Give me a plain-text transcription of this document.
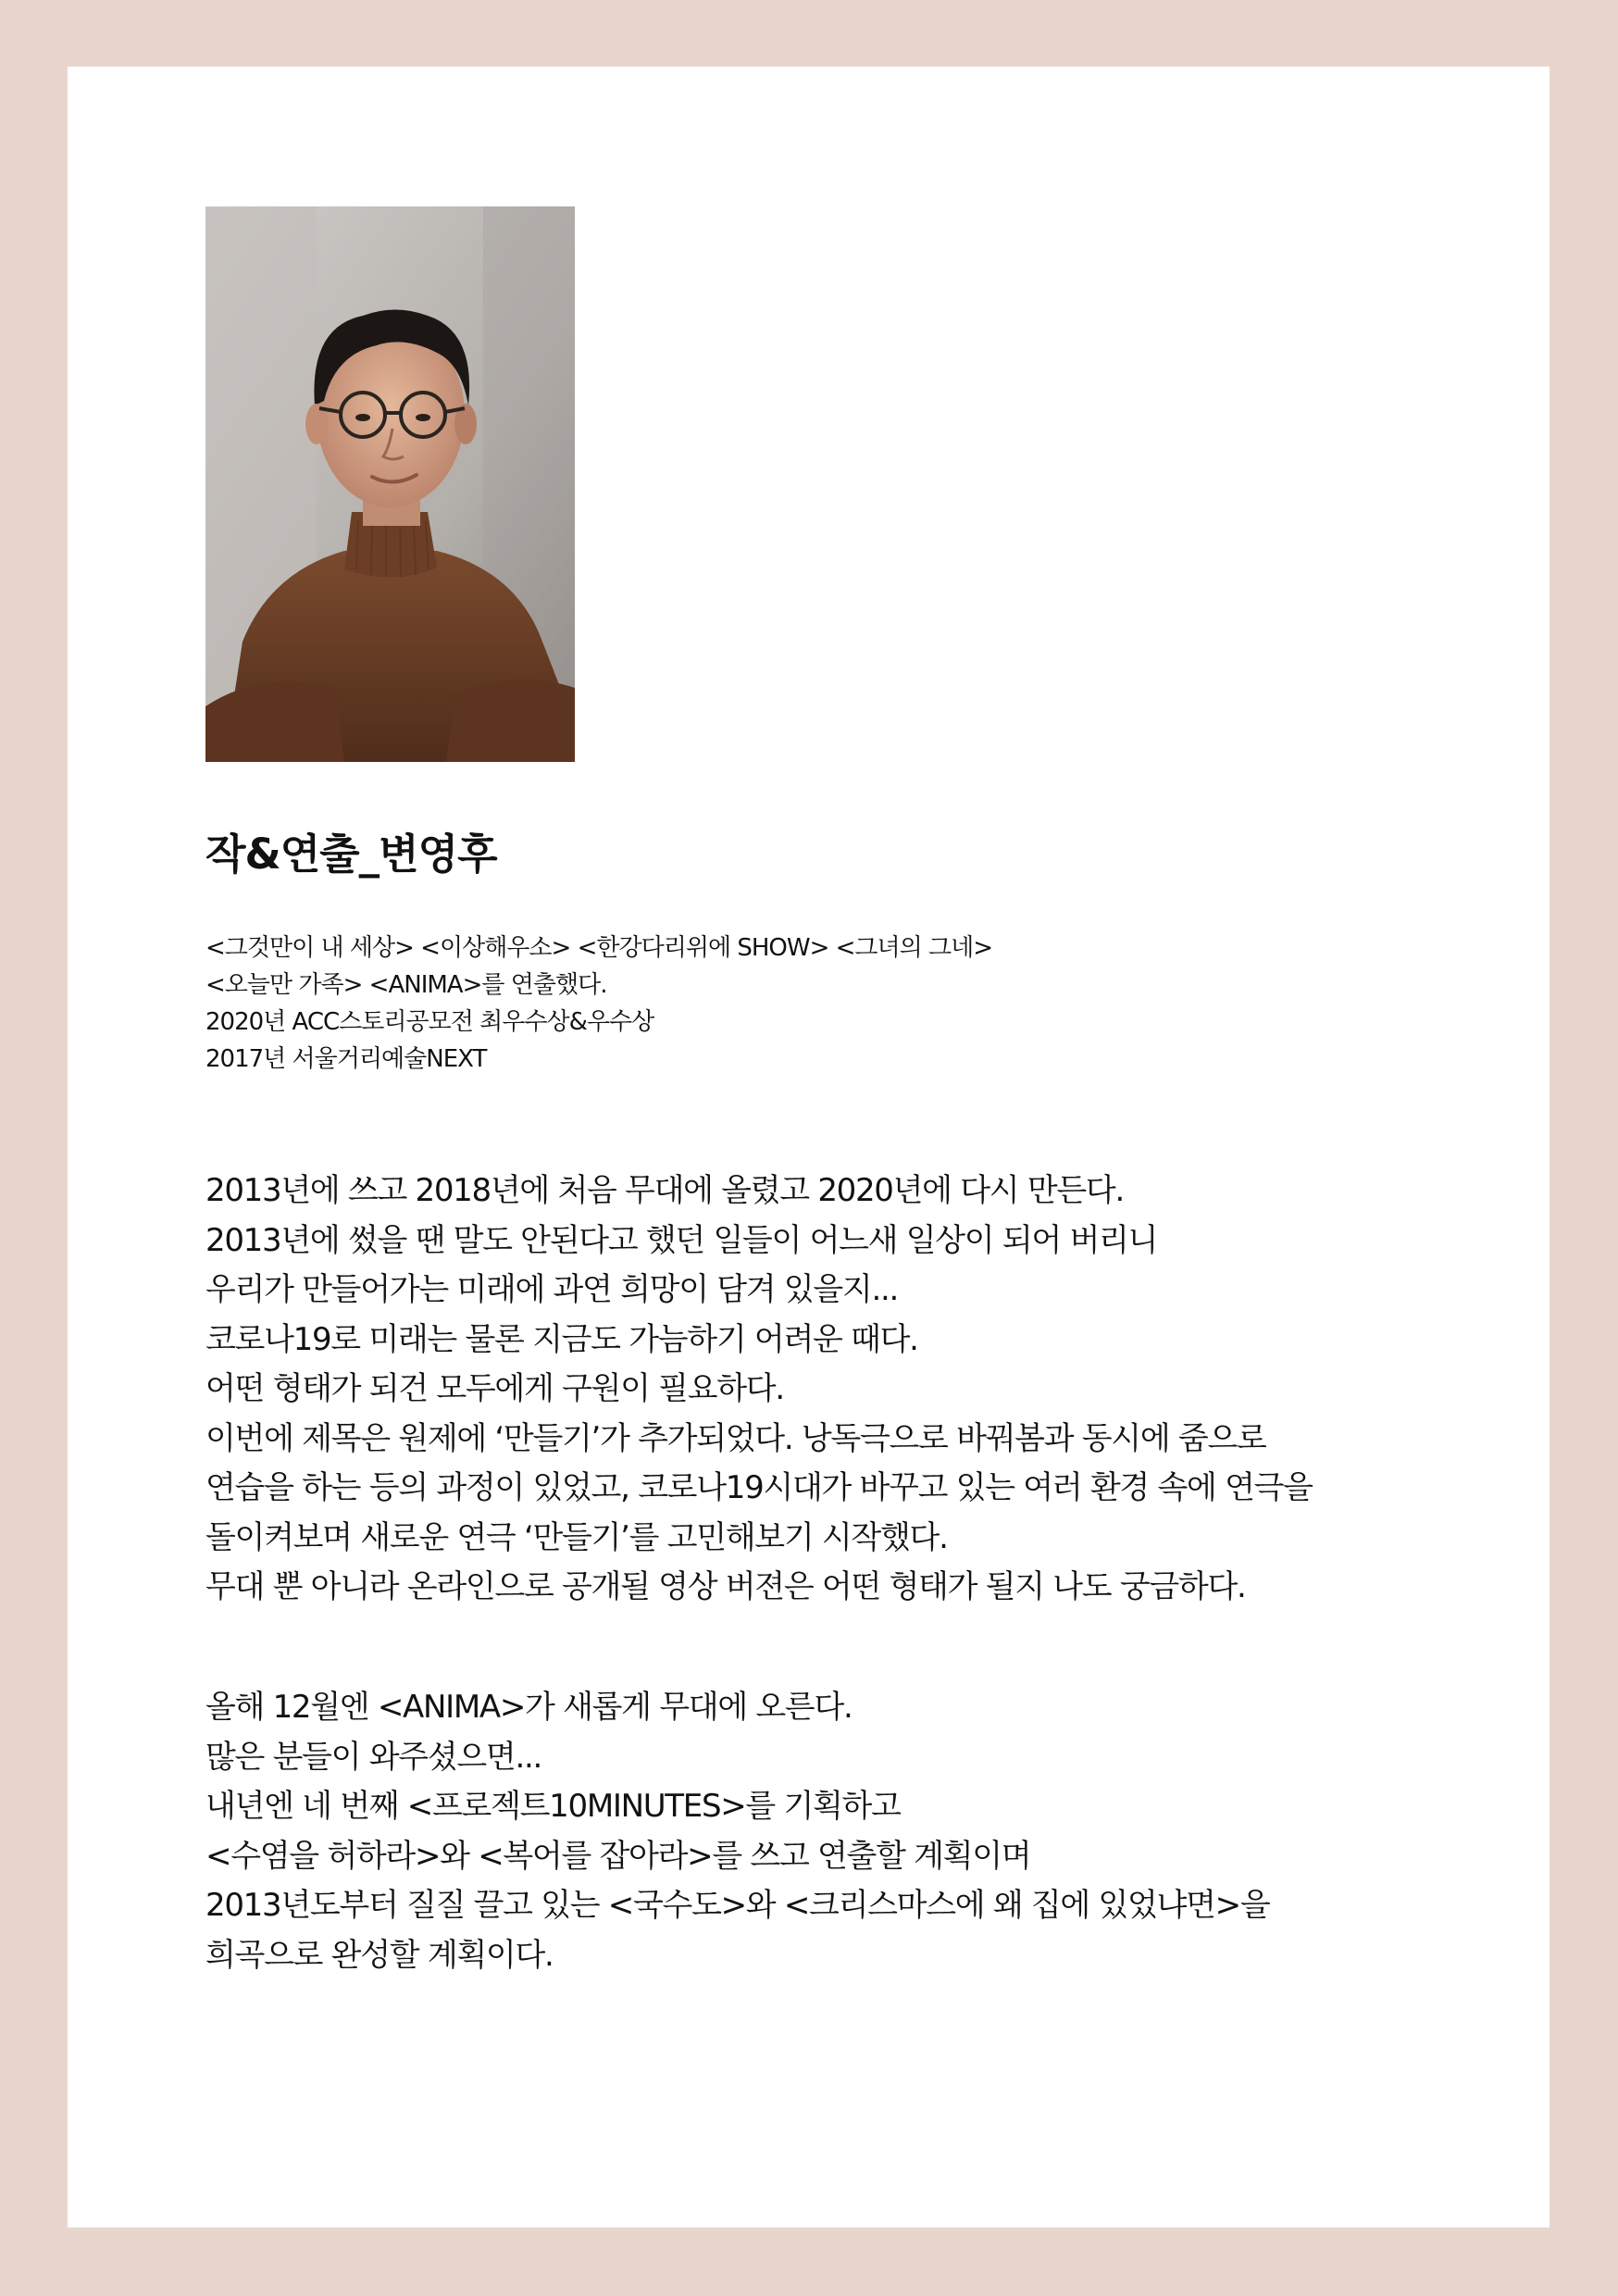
작&연출_변영후
<그것만이 내 세상> <이상해우소> <한강다리위에 SHOW> <그녀의 그네>
<오늘만 가족> <ANIMA>를 연출했다.
2020년 ACC스토리공모전 최우수상&우수상
2017년 서울거리예술NEXT
2013년에 쓰고 2018년에 처음 무대에 올렸고 2020년에 다시 만든다.
2013년에 썼을 땐 말도 안된다고 했던 일들이 어느새 일상이 되어 버리니
우리가 만들어가는 미래에 과연 희망이 담겨 있을지...
코로나19로 미래는 물론 지금도 가늠하기 어려운 때다.
어떤 형태가 되건 모두에게 구원이 필요하다.
이번에 제목은 원제에 ‘만들기’가 추가되었다. 낭독극으로 바꿔봄과 동시에 줌으로
연습을 하는 등의 과정이 있었고, 코로나19시대가 바꾸고 있는 여러 환경 속에 연극을
돌이켜보며 새로운 연극 ‘만들기’를 고민해보기 시작했다.
무대 뿐 아니라 온라인으로 공개될 영상 버젼은 어떤 형태가 될지 나도 궁금하다.
올해 12월엔 <ANIMA>가 새롭게 무대에 오른다.
많은 분들이 와주셨으면...
내년엔 네 번째 <프로젝트10MINUTES>를 기획하고
<수염을 허하라>와 <복어를 잡아라>를 쓰고 연출할 계획이며
2013년도부터 질질 끌고 있는 <국수도>와 <크리스마스에 왜 집에 있었냐면>을
희곡으로 완성할 계획이다.
